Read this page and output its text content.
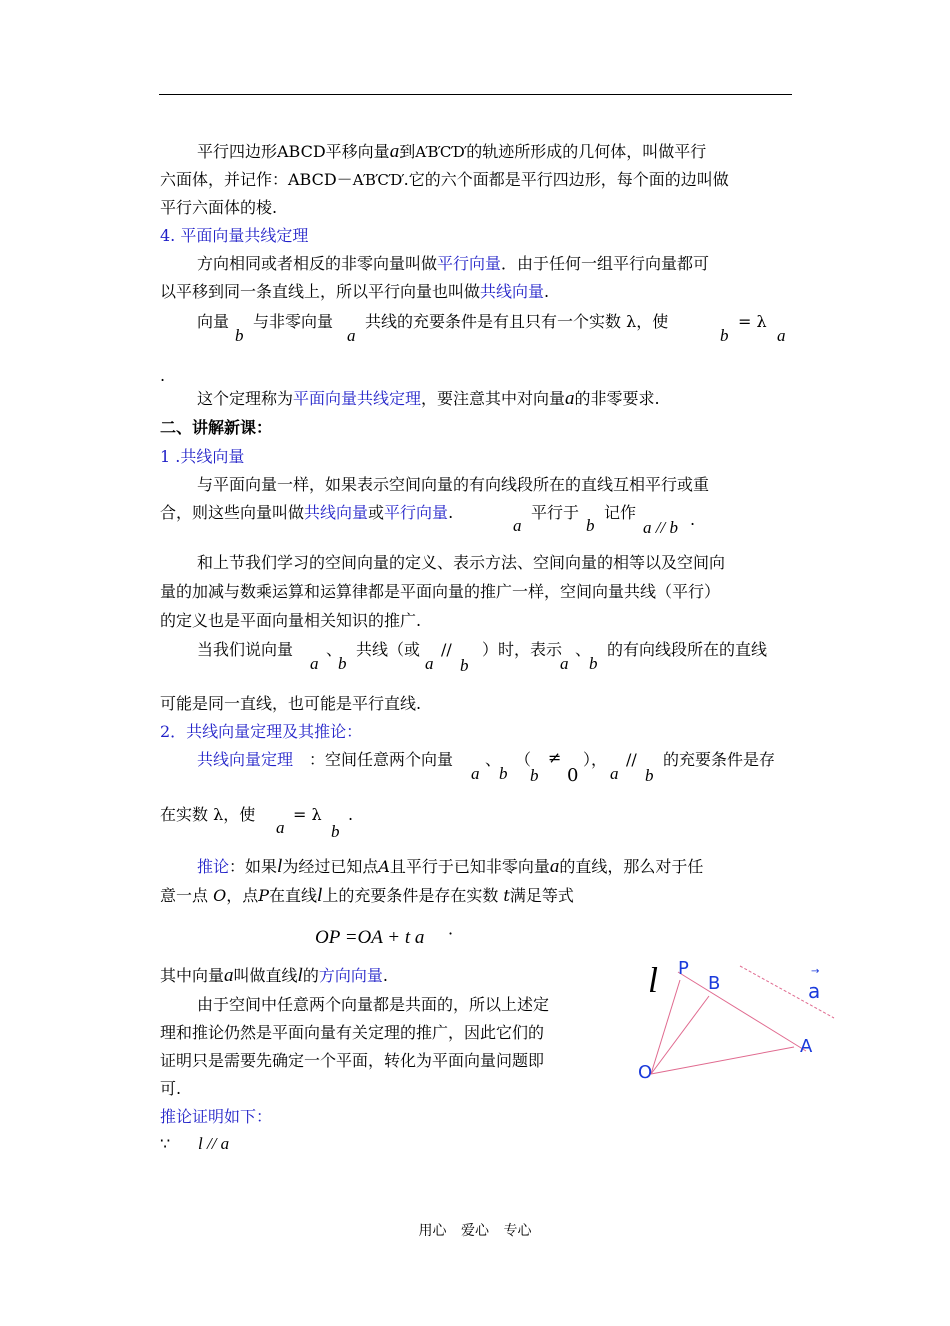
平行四边形ABCD平移向量a到A′B′C′D′的轨迹所形成的几何体，叫做平行
六面体，并记作：ABCD－A′B′C′D′.它的六个面都是平行四边形，每个面的边叫做
平行六面体的棱.
4. 平面向量共线定理
方向相同或者相反的非零向量叫做平行向量．由于任何一组平行向量都可
以平移到同一条直线上，所以平行向量也叫做共线向量.
向量
b
与非零向量
a
共线的充要条件是有且只有一个实数 λ，使
b
= λ
a
.
这个定理称为平面向量共线定理，要注意其中对向量a的非零要求.
二、讲解新课：
1 .共线向量
与平面向量一样，如果表示空间向量的有向线段所在的直线互相平行或重
合，则这些向量叫做共线向量或平行向量.
a
平行于
b
记作
a // b .
和上节我们学习的空间向量的定义、表示方法、空间向量的相等以及空间向
量的加减与数乘运算和运算律都是平面向量的推广一样，空间向量共线（平行）
的定义也是平面向量相关知识的推广.
当我们说向量
a
、
b
共线（或
a
//
b
）时，表示
a
、
b
的有向线段所在的直线
可能是同一直线，也可能是平行直线.
2．共线向量定理及其推论：
共线向量定理 ：空间任意两个向量
a
、
b
（
b
≠
0
），
a
//
b
的充要条件是存
在实数 λ，使
a
= λ
b
.
推论：如果l为经过已知点A且平行于已知非零向量a的直线，那么对于任
意一点 O，点P在直线l上的充要条件是存在实数 t满足等式
OP =OA + t a ·
其中向量a叫做直线l的方向向量.
由于空间中任意两个向量都是共面的，所以上述定
理和推论仍然是平面向量有关定理的推广，因此它们的
证明只是需要先确定一个平面，转化为平面向量问题即
可.
推论证明如下：
∵ l // a
l P
B
→
a
A
O
用心 爱心 专心
